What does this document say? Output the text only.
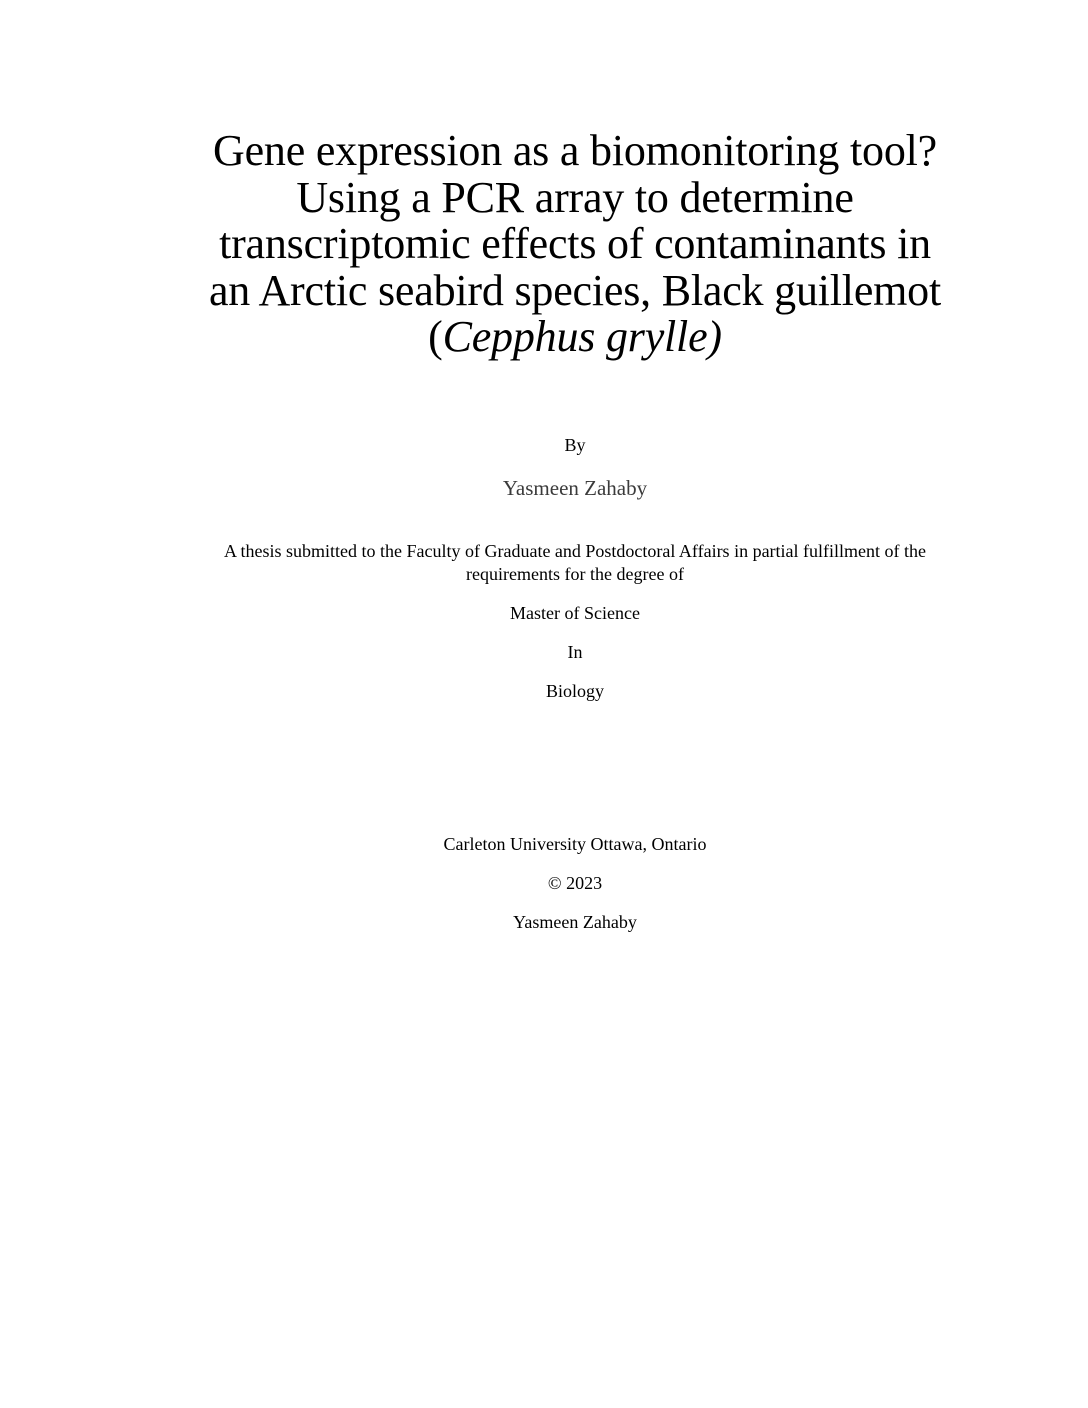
Gene expression as a biomonitoring tool?
Using a PCR array to determine
transcriptomic effects of contaminants in
an Arctic seabird species, Black guillemot
(Cepphus grylle)

By

Yasmeen Zahaby

A thesis submitted to the Faculty of Graduate and Postdoctoral Affairs in partial fulfillment of the
requirements for the degree of

Master of Science

In

Biology

Carleton University Ottawa, Ontario

© 2023

Yasmeen Zahaby
